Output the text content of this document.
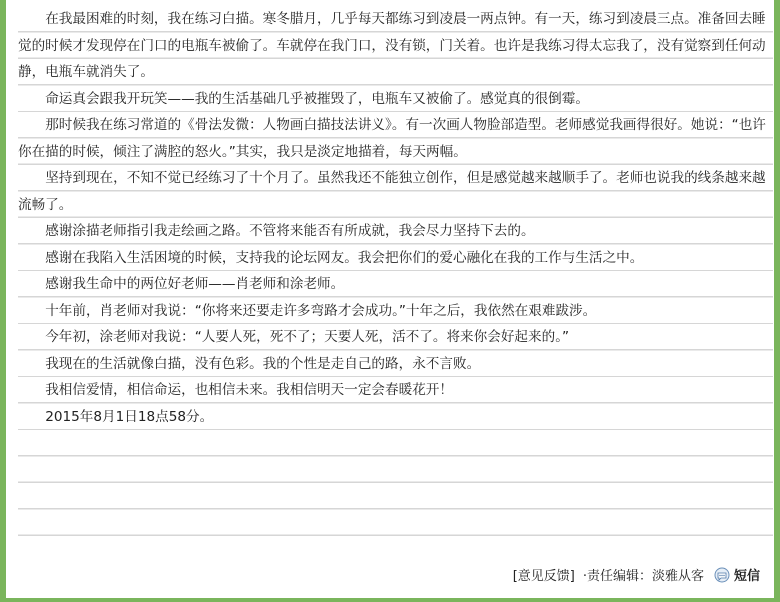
在我最困难的时刻，我在练习白描。寒冬腊月，几乎每天都练习到凌晨一两点钟。有一天，练习到凌晨三点。准备回去睡觉的时候才发现停在门口的电瓶车被偷了。车就停在我门口，没有锁，门关着。也许是我练习得太忘我了，没有觉察到任何动静，电瓶车就消失了。

命运真会跟我开玩笑——我的生活基础几乎被摧毁了，电瓶车又被偷了。感觉真的很倒霉。

那时候我在练习常道的《骨法发微：人物画白描技法讲义》。有一次画人物脸部造型。老师感觉我画得很好。她说：“也许你在描的时候，倾注了满腔的怒火。”其实，我只是淡定地描着，每天两幅。

坚持到现在，不知不觉已经练习了十个月了。虽然我还不能独立创作，但是感觉越来越顺手了。老师也说我的线条越来越流畅了。

感谢涂描老师指引我走绘画之路。不管将来能否有所成就，我会尽力坚持下去的。

感谢在我陷入生活困境的时候，支持我的论坛网友。我会把你们的爱心融化在我的工作与生活之中。

感谢我生命中的两位好老师——肖老师和涂老师。

十年前，肖老师对我说：“你将来还要走许多弯路才会成功。”十年之后，我依然在艰难跋涉。

今年初，涂老师对我说：“人要人死，死不了；天要人死，活不了。将来你会好起来的。”

我现在的生活就像白描，没有色彩。我的个性是走自己的路，永不言败。

我相信爱情，相信命运，也相信未来。我相信明天一定会春暖花开！

2015年8月1日18点58分。

[意见反馈] ·责任编辑：淡雅从客 短信
